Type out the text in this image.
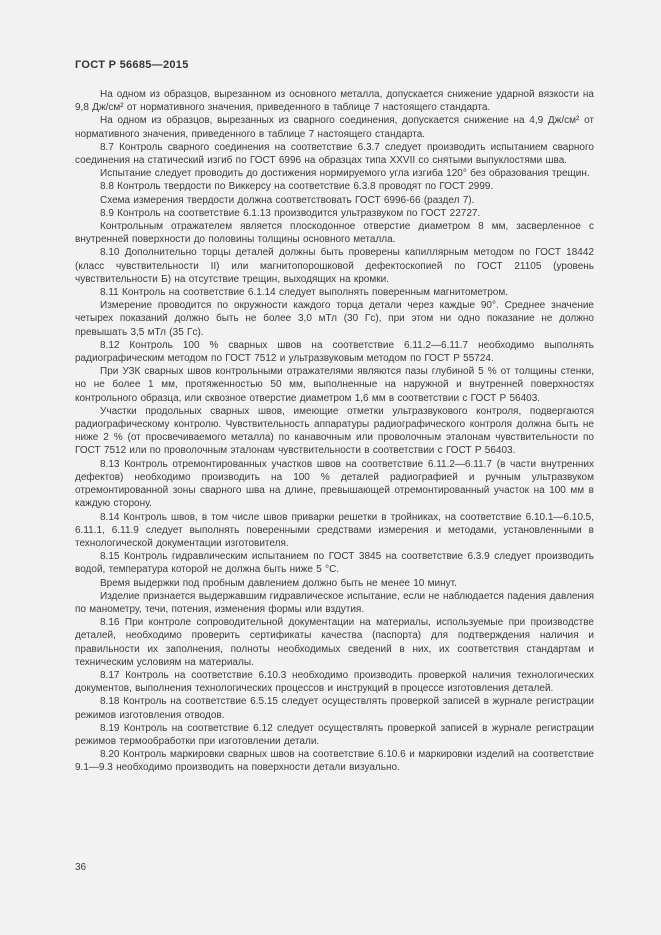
ГОСТ Р 56685—2015

На одном из образцов, вырезанном из основного металла, допускается снижение ударной вязкости на 9,8 Дж/см² от нормативного значения, приведенного в таблице 7 настоящего стандарта.

На одном из образцов, вырезанных из сварного соединения, допускается снижение на 4,9 Дж/см² от нормативного значения, приведенного в таблице 7 настоящего стандарта.

8.7 Контроль сварного соединения на соответствие 6.3.7 следует производить испытанием сварного соединения на статический изгиб по ГОСТ 6996 на образцах типа XXVII со снятыми выпуклостями шва.

Испытание следует проводить до достижения нормируемого угла изгиба 120° без образования трещин.

8.8 Контроль твердости по Виккерсу на соответствие 6.3.8 проводят по ГОСТ 2999.

Схема измерения твердости должна соответствовать ГОСТ 6996-66 (раздел 7).

8.9 Контроль на соответствие 6.1.13 производится ультразвуком по ГОСТ 22727.

Контрольным отражателем является плоскодонное отверстие диаметром 8 мм, засверленное с внутренней поверхности до половины толщины основного металла.

8.10 Дополнительно торцы деталей должны быть проверены капиллярным методом по ГОСТ 18442 (класс чувствительности II) или магнитопорошковой дефектоскопией по ГОСТ 21105 (уровень чувствительности Б) на отсутствие трещин, выходящих на кромки.

8.11 Контроль на соответствие 6.1.14 следует выполнять поверенным магнитометром.

Измерение проводится по окружности каждого торца детали через каждые 90°. Среднее значение четырех показаний должно быть не более 3,0 мТл (30 Гс), при этом ни одно показание не должно превышать 3,5 мТл (35 Гс).

8.12 Контроль 100 % сварных швов на соответствие 6.11.2—6.11.7 необходимо выполнять радиографическим методом по ГОСТ 7512 и ультразвуковым методом по ГОСТ Р 55724.

При УЗК сварных швов контрольными отражателями являются пазы глубиной 5 % от толщины стенки, но не более 1 мм, протяженностью 50 мм, выполненные на наружной и внутренней поверхностях контрольного образца, или сквозное отверстие диаметром 1,6 мм в соответствии с ГОСТ Р 56403.

Участки продольных сварных швов, имеющие отметки ультразвукового контроля, подвергаются радиографическому контролю. Чувствительность аппаратуры радиографического контроля должна быть не ниже 2 % (от просвечиваемого металла) по канавочным или проволочным эталонам чувствительности по ГОСТ 7512 или по проволочным эталонам чувствительности в соответствии с ГОСТ Р 56403.

8.13 Контроль отремонтированных участков швов на соответствие 6.11.2—6.11.7 (в части внутренних дефектов) необходимо производить на 100 % деталей радиографией и ручным ультразвуком отремонтированной зоны сварного шва на длине, превышающей отремонтированный участок на 100 мм в каждую сторону.

8.14 Контроль швов, в том числе швов приварки решетки в тройниках, на соответствие 6.10.1—6.10.5, 6.11.1, 6.11.9 следует выполнять поверенными средствами измерения и методами, установленными в технологической документации изготовителя.

8.15 Контроль гидравлическим испытанием по ГОСТ 3845 на соответствие 6.3.9 следует производить водой, температура которой не должна быть ниже 5 °С.

Время выдержки под пробным давлением должно быть не менее 10 минут.

Изделие признается выдержавшим гидравлическое испытание, если не наблюдается падения давления по манометру, течи, потения, изменения формы или вздутия.

8.16 При контроле сопроводительной документации на материалы, используемые при производстве деталей, необходимо проверить сертификаты качества (паспорта) для подтверждения наличия и правильности их заполнения, полноты необходимых сведений в них, их соответствия стандартам и техническим условиям на материалы.

8.17 Контроль на соответствие 6.10.3 необходимо производить проверкой наличия технологических документов, выполнения технологических процессов и инструкций в процессе изготовления деталей.

8.18 Контроль на соответствие 6.5.15 следует осуществлять проверкой записей в журнале регистрации режимов изготовления отводов.

8.19 Контроль на соответствие 6.12 следует осуществлять проверкой записей в журнале регистрации режимов термообработки при изготовлении детали.

8.20 Контроль маркировки сварных швов на соответствие 6.10.6 и маркировки изделий на соответствие 9.1—9.3 необходимо производить на поверхности детали визуально.

36
